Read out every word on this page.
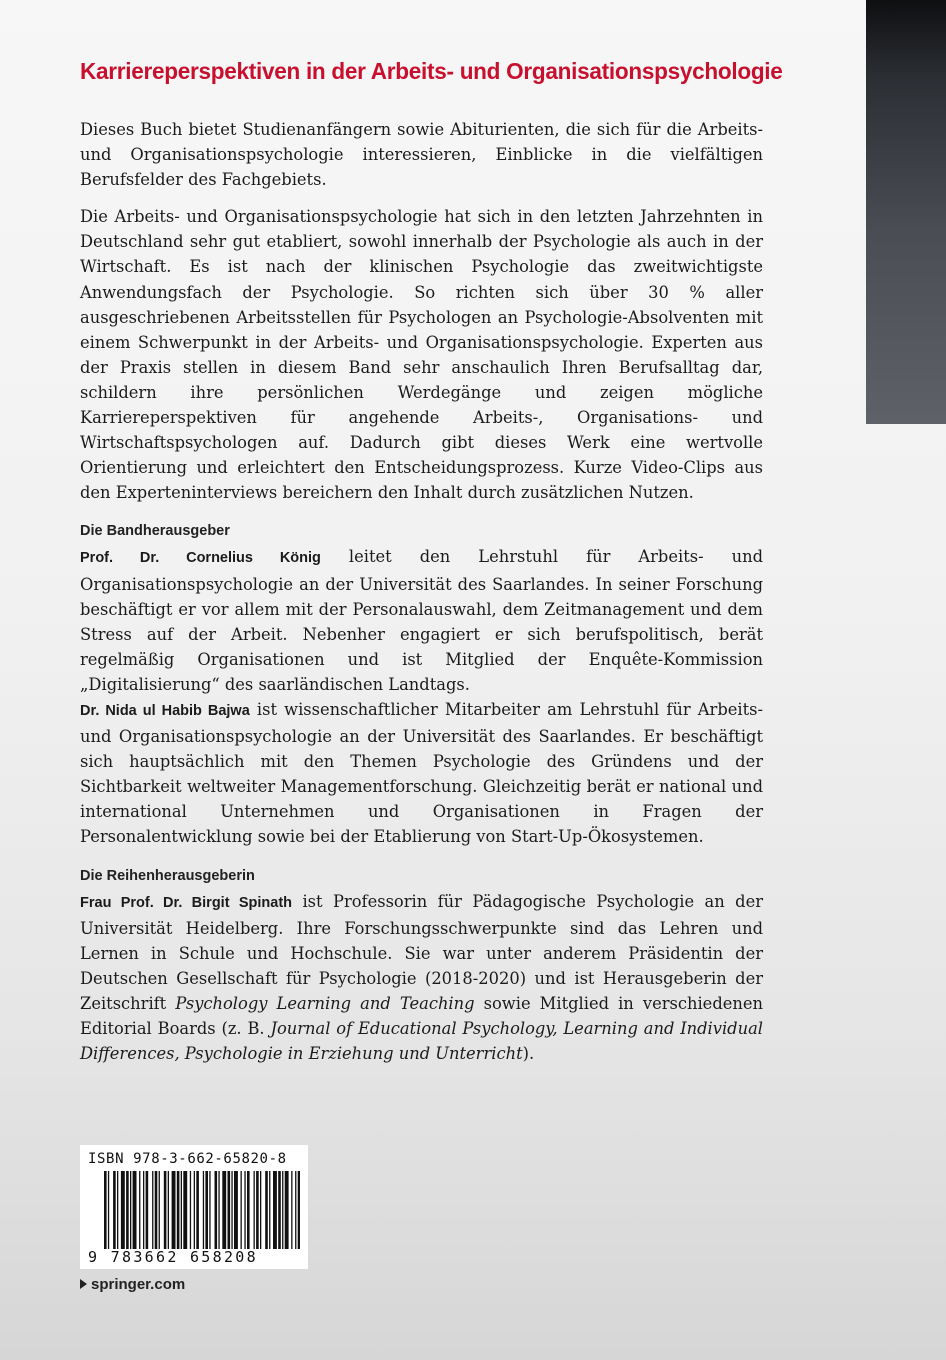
Karriereperspektiven in der Arbeits- und Organisationspsychologie

Dieses Buch bietet Studienanfängern sowie Abiturienten, die sich für die Arbeits- und Organisationspsychologie interessieren, Einblicke in die vielfältigen Berufsfelder des Fachgebiets.

Die Arbeits- und Organisationspsychologie hat sich in den letzten Jahrzehnten in Deutschland sehr gut etabliert, sowohl innerhalb der Psychologie als auch in der Wirtschaft. Es ist nach der klinischen Psychologie das zweitwichtigste Anwendungsfach der Psychologie. So richten sich über 30 % aller ausgeschriebenen Arbeitsstellen für Psychologen an Psychologie-Absolventen mit einem Schwerpunkt in der Arbeits- und Organisationspsychologie. Experten aus der Praxis stellen in diesem Band sehr anschaulich Ihren Berufsalltag dar, schildern ihre persönlichen Werdegänge und zeigen mögliche Karriereperspektiven für angehende Arbeits-, Organisations- und Wirtschaftspsychologen auf. Dadurch gibt dieses Werk eine wertvolle Orientierung und erleichtert den Entscheidungsprozess. Kurze Video-Clips aus den Experteninterviews bereichern den Inhalt durch zusätzlichen Nutzen.

Die Bandherausgeber

Prof. Dr. Cornelius König leitet den Lehrstuhl für Arbeits- und Organisationspsychologie an der Universität des Saarlandes. In seiner Forschung beschäftigt er vor allem mit der Personalauswahl, dem Zeitmanagement und dem Stress auf der Arbeit. Nebenher engagiert er sich berufspolitisch, berät regelmäßig Organisationen und ist Mitglied der Enquête-Kommission „Digitalisierung“ des saarländischen Landtags.

Dr. Nida ul Habib Bajwa ist wissenschaftlicher Mitarbeiter am Lehrstuhl für Arbeits- und Organisationspsychologie an der Universität des Saarlandes. Er beschäftigt sich hauptsächlich mit den Themen Psychologie des Gründens und der Sichtbarkeit weltweiter Managementforschung. Gleichzeitig berät er national und international Unternehmen und Organisationen in Fragen der Personalentwicklung sowie bei der Etablierung von Start-Up-Ökosystemen.

Die Reihenherausgeberin

Frau Prof. Dr. Birgit Spinath ist Professorin für Pädagogische Psychologie an der Universität Heidelberg. Ihre Forschungsschwerpunkte sind das Lehren und Lernen in Schule und Hochschule. Sie war unter anderem Präsidentin der Deutschen Gesellschaft für Psychologie (2018-2020) und ist Herausgeberin der Zeitschrift Psychology Learning and Teaching sowie Mitglied in verschiedenen Editorial Boards (z. B. Journal of Educational Psychology, Learning and Individual Differences, Psychologie in Erziehung und Unterricht).

ISBN 978-3-662-65820-8
9 783662 658208
springer.com
